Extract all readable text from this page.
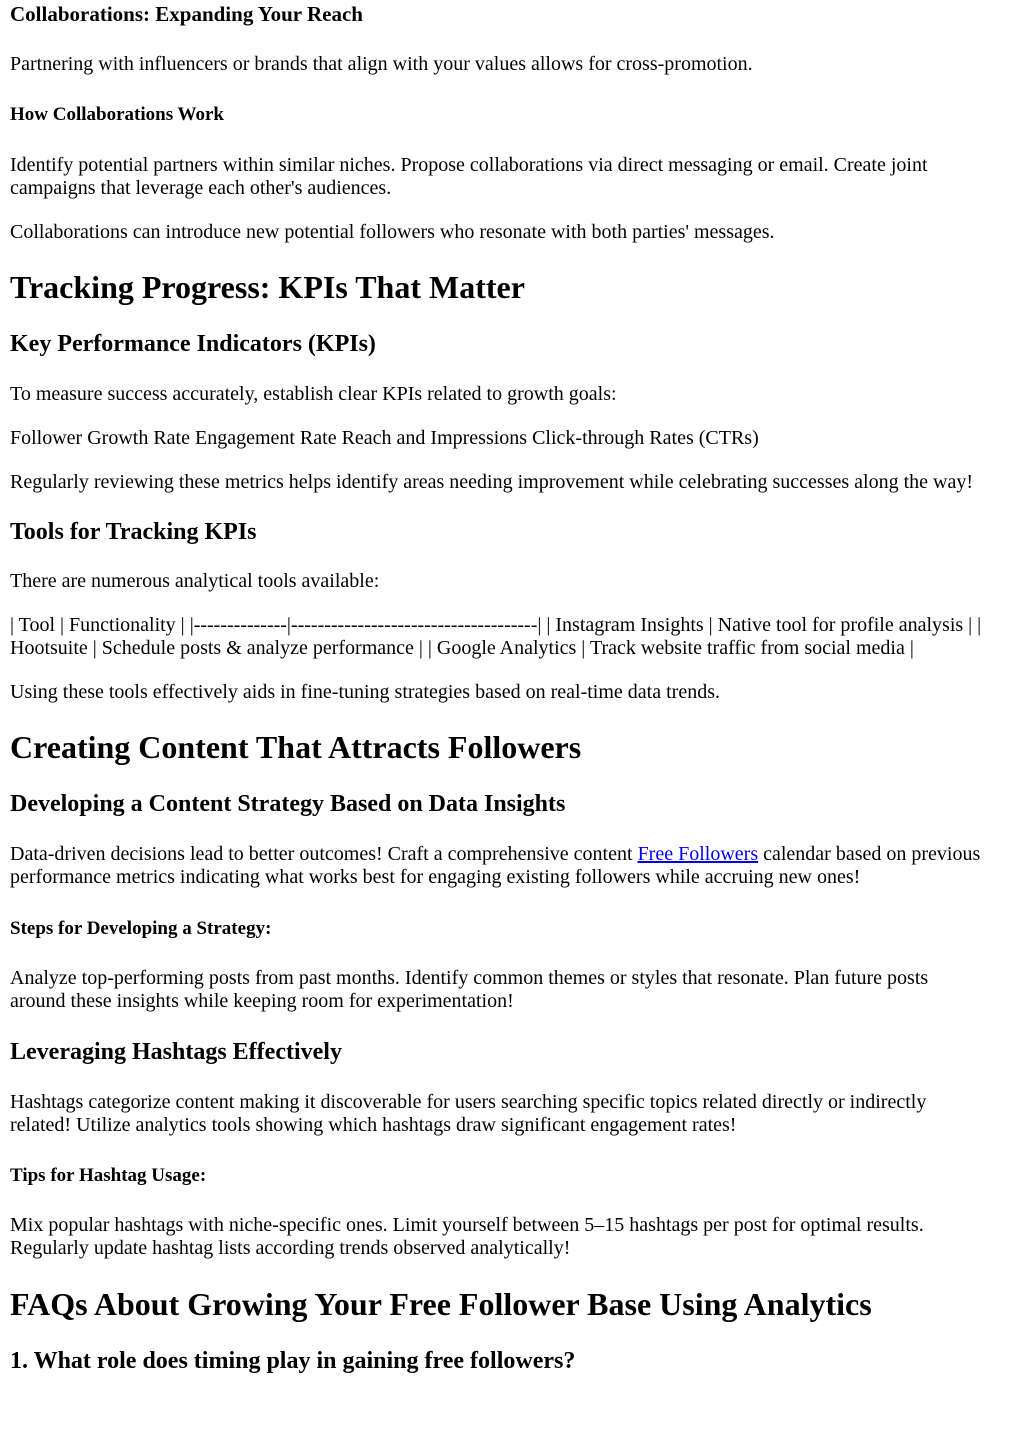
Collaborations: Expanding Your Reach

Partnering with influencers or brands that align with your values allows for cross-promotion.

How Collaborations Work

Identify potential partners within similar niches. Propose collaborations via direct messaging or email. Create joint

campaigns that leverage each other's audiences.

Collaborations can introduce new potential followers who resonate with both parties' messages.

Tracking Progress: KPIs That Matter
Key Performance Indicators (KPIs)

To measure success accurately, establish clear KPIs related to growth goals:

Follower Growth Rate Engagement Rate Reach and Impressions Click-through Rates (CTRs)

Regularly reviewing these metrics helps identify areas needing improvement while celebrating successes along the way!

Tools for Tracking KPIs

There are numerous analytical tools available:

| Tool | Functionality | |--------------|-------------------------------------| | Instagram Insights | Native tool for profile analysis | |

Hootsuite | Schedule posts & analyze performance | | Google Analytics | Track website traffic from social media |

Using these tools effectively aids in fine-tuning strategies based on real-time data trends.

Creating Content That Attracts Followers
Developing a Content Strategy Based on Data Insights

Data-driven decisions lead to better outcomes! Craft a comprehensive content Free Followers calendar based on previous

performance metrics indicating what works best for engaging existing followers while accruing new ones!

Steps for Developing a Strategy:

Analyze top-performing posts from past months. Identify common themes or styles that resonate. Plan future posts

around these insights while keeping room for experimentation!

Leveraging Hashtags Effectively

Hashtags categorize content making it discoverable for users searching specific topics related directly or indirectly

related! Utilize analytics tools showing which hashtags draw significant engagement rates!

Tips for Hashtag Usage:

Mix popular hashtags with niche-specific ones. Limit yourself between 5–15 hashtags per post for optimal results.

Regularly update hashtag lists according trends observed analytically!

FAQs About Growing Your Free Follower Base Using Analytics
1. What role does timing play in gaining free followers?
